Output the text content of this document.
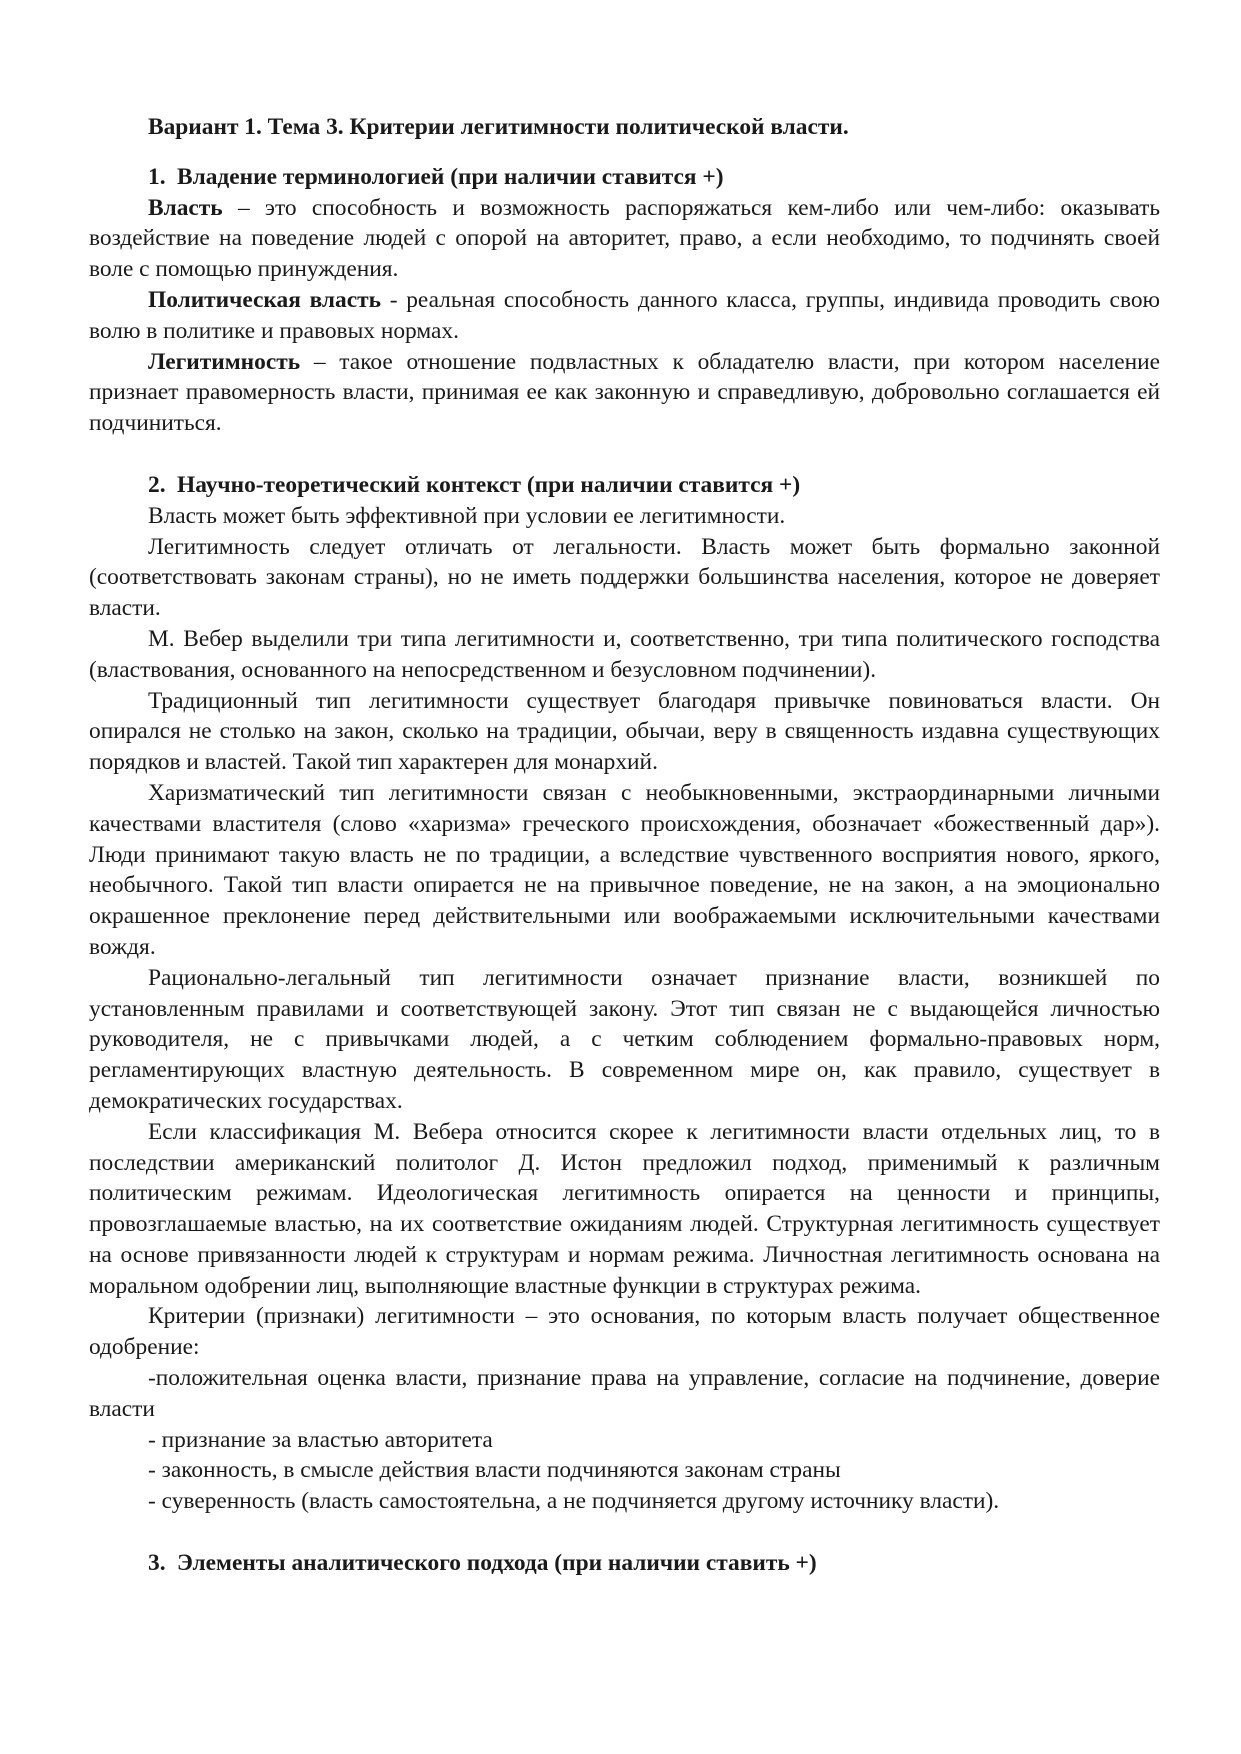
Вариант 1. Тема 3. Критерии легитимности политической власти.

1. Владение терминологией (при наличии ставится +)

Власть – это способность и возможность распоряжаться кем-либо или чем-либо: оказывать воздействие на поведение людей с опорой на авторитет, право, а если необходимо, то подчинять своей воле с помощью принуждения.

Политическая власть - реальная способность данного класса, группы, индивида проводить свою волю в политике и правовых нормах.

Легитимность – такое отношение подвластных к обладателю власти, при котором население признает правомерность власти, принимая ее как законную и справедливую, добровольно соглашается ей подчиниться.

2. Научно-теоретический контекст (при наличии ставится +)

Власть может быть эффективной при условии ее легитимности.

Легитимность следует отличать от легальности. Власть может быть формально законной (соответствовать законам страны), но не иметь поддержки большинства населения, которое не доверяет власти.

М. Вебер выделили три типа легитимности и, соответственно, три типа политического господства (властвования, основанного на непосредственном и безусловном подчинении).

Традиционный тип легитимности существует благодаря привычке повиноваться власти. Он опирался не столько на закон, сколько на традиции, обычаи, веру в священность издавна существующих порядков и властей. Такой тип характерен для монархий.

Харизматический тип легитимности связан с необыкновенными, экстраординарными личными качествами властителя (слово «харизма» греческого происхождения, обозначает «божественный дар»). Люди принимают такую власть не по традиции, а вследствие чувственного восприятия нового, яркого, необычного. Такой тип власти опирается не на привычное поведение, не на закон, а на эмоционально окрашенное преклонение перед действительными или воображаемыми исключительными качествами вождя.

Рационально-легальный тип легитимности означает признание власти, возникшей по установленным правилами и соответствующей закону. Этот тип связан не с выдающейся личностью руководителя, не с привычками людей, а с четким соблюдением формально-правовых норм, регламентирующих властную деятельность. В современном мире он, как правило, существует в демократических государствах.

Если классификация М. Вебера относится скорее к легитимности власти отдельных лиц, то в последствии американский политолог Д. Истон предложил подход, применимый к различным политическим режимам. Идеологическая легитимность опирается на ценности и принципы, провозглашаемые властью, на их соответствие ожиданиям людей. Структурная легитимность существует на основе привязанности людей к структурам и нормам режима. Личностная легитимность основана на моральном одобрении лиц, выполняющие властные функции в структурах режима.

Критерии (признаки) легитимности – это основания, по которым власть получает общественное одобрение:

-положительная оценка власти, признание права на управление, согласие на подчинение, доверие власти

- признание за властью авторитета

- законность, в смысле действия власти подчиняются законам страны

- суверенность (власть самостоятельна, а не подчиняется другому источнику власти).

3. Элементы аналитического подхода (при наличии ставить +)
